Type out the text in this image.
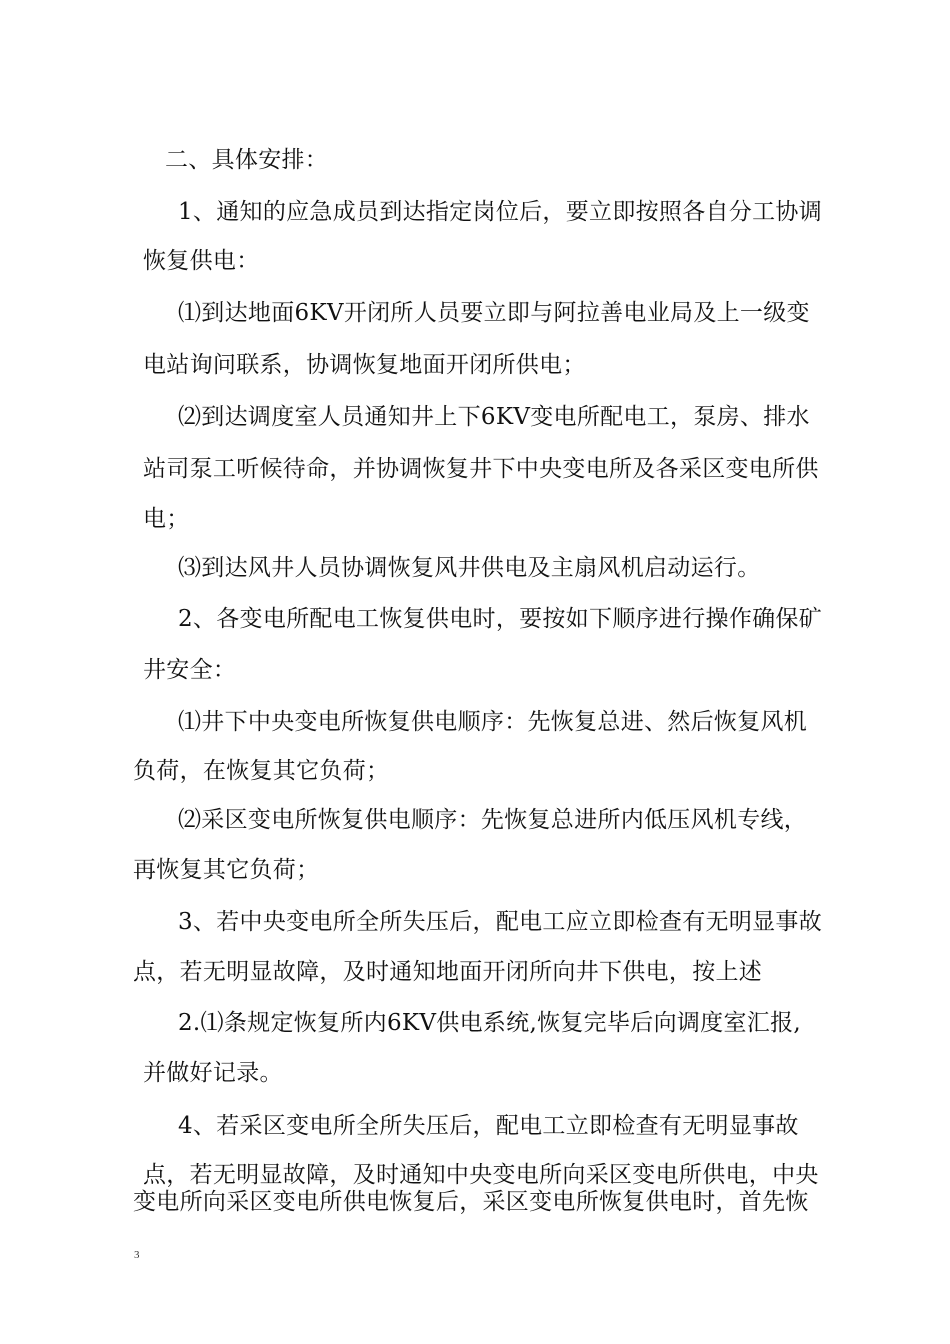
二、具体安排：
1、通知的应急成员到达指定岗位后，要立即按照各自分工协调
恢复供电：
⑴到达地面6KV开闭所人员要立即与阿拉善电业局及上一级变
电站询问联系，协调恢复地面开闭所供电；
⑵到达调度室人员通知井上下6KV变电所配电工，泵房、排水
站司泵工听候待命，并协调恢复井下中央变电所及各采区变电所供
电；
⑶到达风井人员协调恢复风井供电及主扇风机启动运行。
2、各变电所配电工恢复供电时，要按如下顺序进行操作确保矿
井安全：
⑴井下中央变电所恢复供电顺序：先恢复总进、然后恢复风机
负荷，在恢复其它负荷；
⑵采区变电所恢复供电顺序：先恢复总进所内低压风机专线，
再恢复其它负荷；
3、若中央变电所全所失压后，配电工应立即检查有无明显事故
点，若无明显故障，及时通知地面开闭所向井下供电，按上述
2.⑴条规定恢复所内6KV供电系统,恢复完毕后向调度室汇报,
并做好记录。
4、若采区变电所全所失压后，配电工立即检查有无明显事故
点，若无明显故障，及时通知中央变电所向采区变电所供电，中央
变电所向采区变电所供电恢复后，采区变电所恢复供电时，首先恢
3
